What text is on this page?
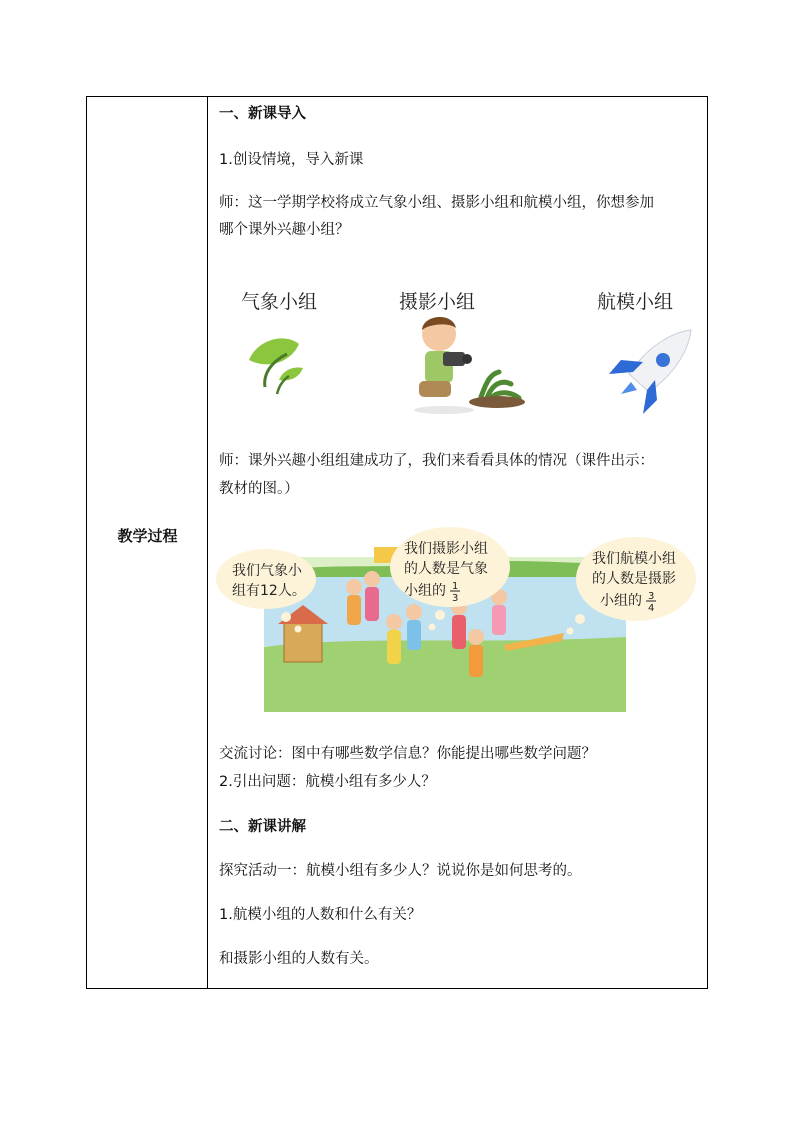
教学过程
一、新课导入
1.创设情境，导入新课
师：这一学期学校将成立气象小组、摄影小组和航模小组，你想参加
哪个课外兴趣小组？
气象小组	摄影小组	航模小组
师：课外兴趣小组组建成功了，我们来看看具体的情况（课件出示：
教材的图。）
我们气象小
组有12人。
我们摄影小组
的人数是气象
小组的 1
3
我们航模小组
的人数是摄影
小组的 3
4
交流讨论：图中有哪些数学信息？你能提出哪些数学问题？
2.引出问题：航模小组有多少人？
二、新课讲解
探究活动一：航模小组有多少人？说说你是如何思考的。
1.航模小组的人数和什么有关？
和摄影小组的人数有关。
